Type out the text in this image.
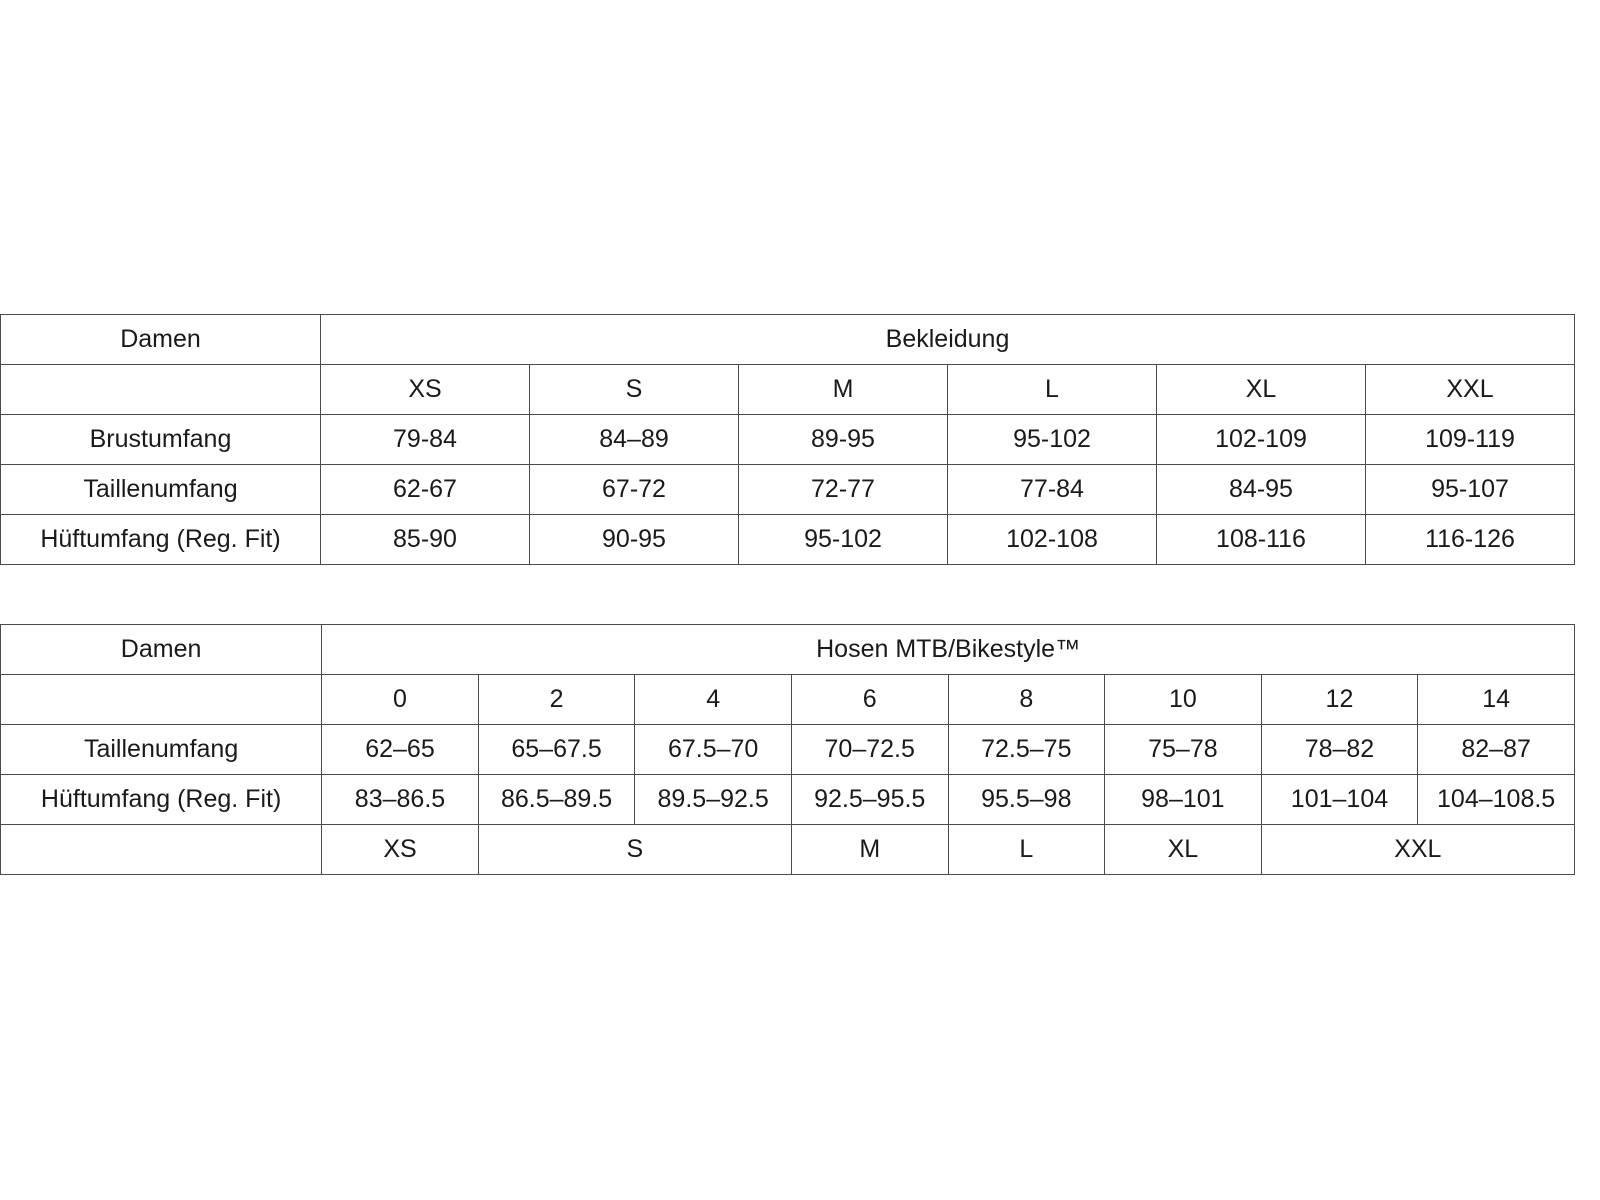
Damen	Bekleidung					
	XS	S	M	L	XL	XXL
Brustumfang	79-84	84–89	89-95	95-102	102-109	109-119
Taillenumfang	62-67	67-72	72-77	77-84	84-95	95-107
Hüftumfang (Reg. Fit)	85-90	90-95	95-102	102-108	108-116	116-126
Damen	Hosen MTB/Bikestyle™							
	0	2	4	6	8	10	12	14
Taillenumfang	62–65	65–67.5	67.5–70	70–72.5	72.5–75	75–78	78–82	82–87
Hüftumfang (Reg. Fit)	83–86.5	86.5–89.5	89.5–92.5	92.5–95.5	95.5–98	98–101	101–104	104–108.5
	XS	S		M	L	XL	XXL	
